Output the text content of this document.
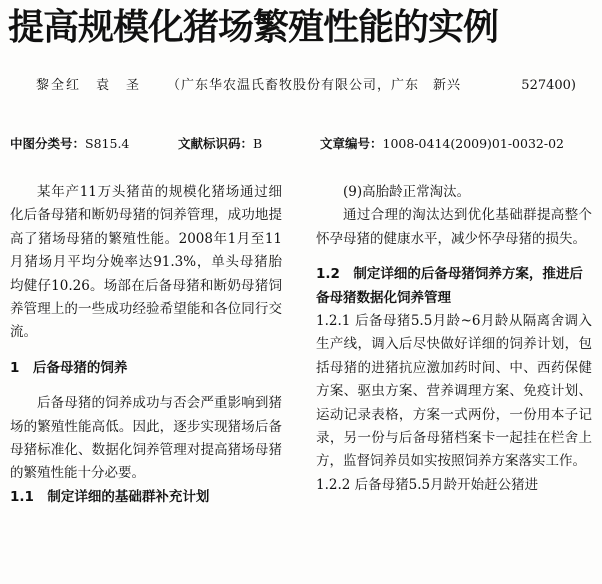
提高规模化猪场繁殖性能的实例
黎全红　袁　圣 （广东华农温氏畜牧股份有限公司，广东　新兴	527400)
中图分类号：S815.4	文献标识码：B	文章编号：1008-0414(2009)01-0032-02

某年产11万头猪苗的规模化猪场通过细化后备母猪和断奶母猪的饲养管理，成功地提高了猪场母猪的繁殖性能。2008年1月至11月猪场月平均分娩率达91.3%，单头母猪胎均健仔10.26。场部在后备母猪和断奶母猪饲养管理上的一些成功经验希望能和各位同行交流。

1　后备母猪的饲养

后备母猪的饲养成功与否会严重影响到猪场的繁殖性能高低。因此，逐步实现猪场后备母猪标准化、数据化饲养管理对提高猪场母猪的繁殖性能十分必要。

1.1　制定详细的基础群补充计划

(9)高胎龄正常淘汰。

通过合理的淘汰达到优化基础群提高整个怀孕母猪的健康水平，减少怀孕母猪的损失。

1.2　制定详细的后备母猪饲养方案，推进后备母猪数据化饲养管理

1.2.1 后备母猪5.5月龄~6月龄从隔离舍调入生产线，调入后尽快做好详细的饲养计划，包括母猪的进猪抗应激加药时间、中、西药保健方案、驱虫方案、营养调理方案、免疫计划、运动记录表格，方案一式两份，一份用本子记录，另一份与后备母猪档案卡一起挂在栏舍上方，监督饲养员如实按照饲养方案落实工作。

1.2.2 后备母猪5.5月龄开始赶公猪进
